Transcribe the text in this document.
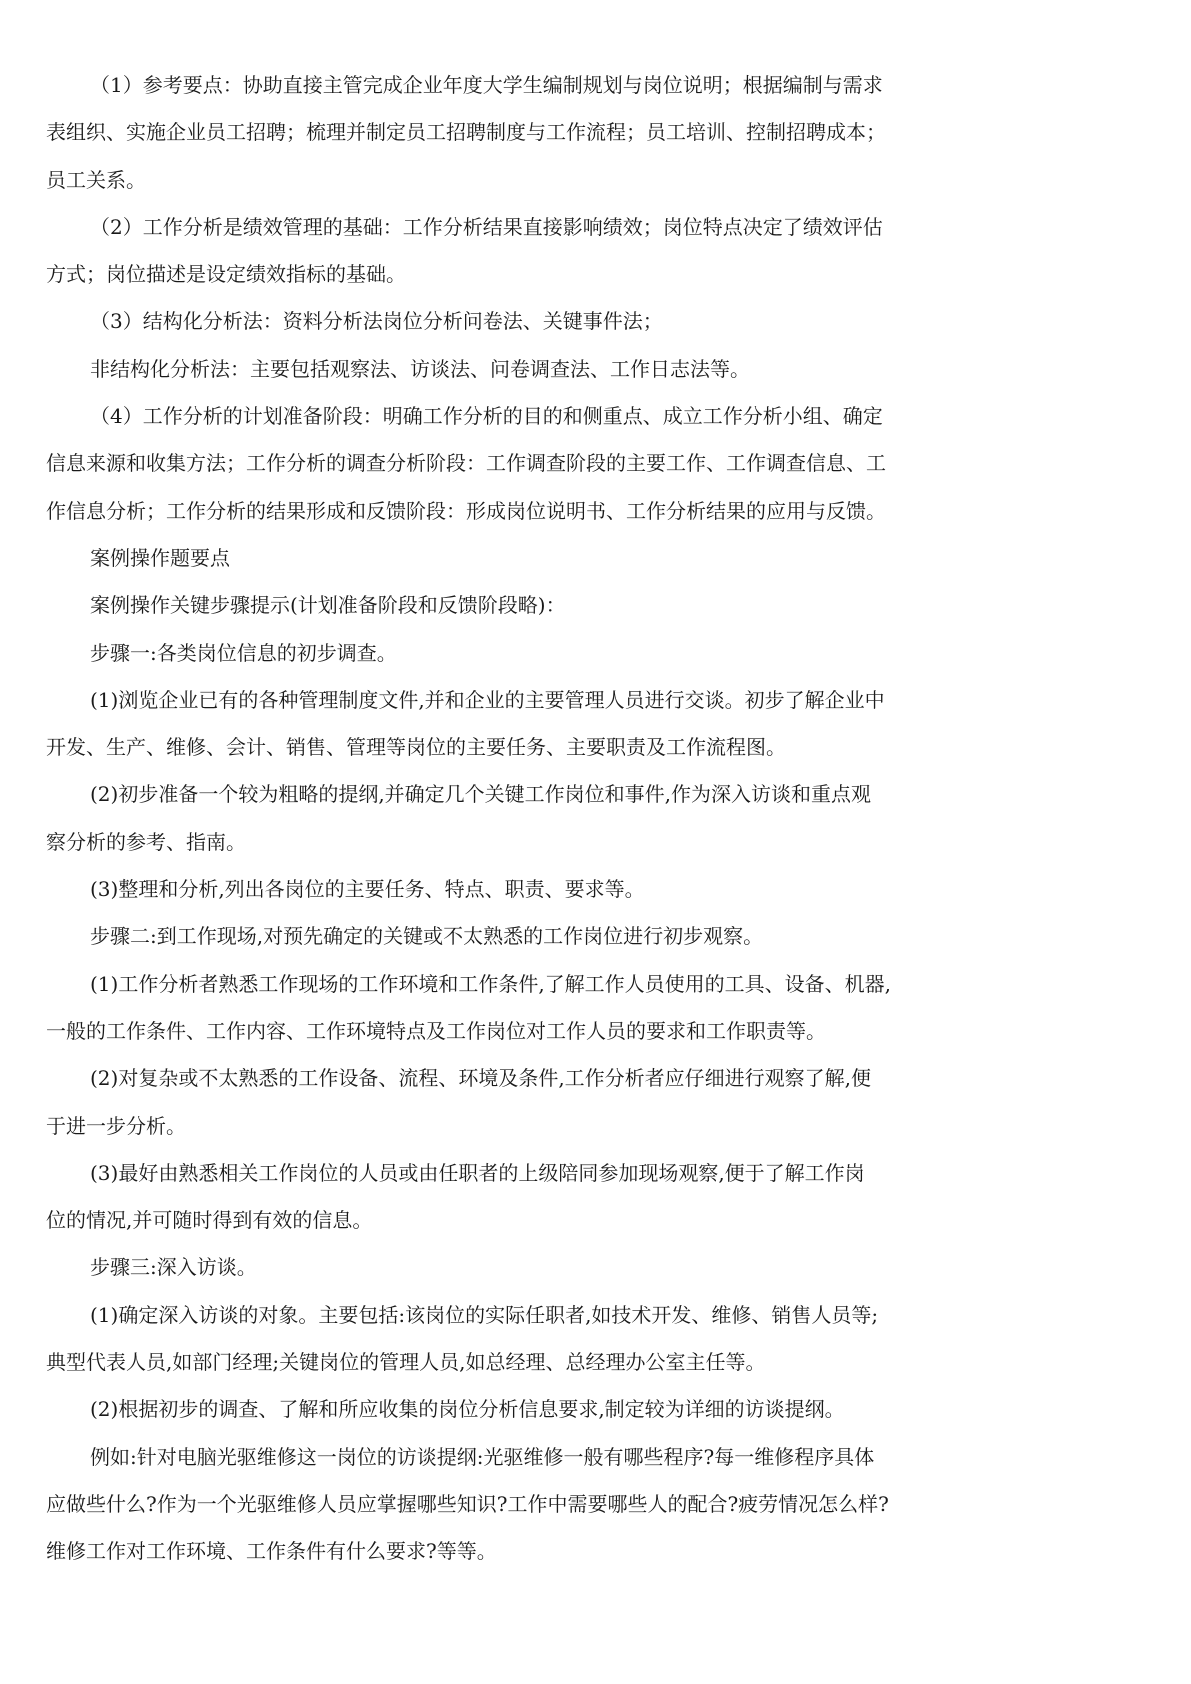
（1）参考要点：协助直接主管完成企业年度大学生编制规划与岗位说明；根据编制与需求
表组织、实施企业员工招聘；梳理并制定员工招聘制度与工作流程；员工培训、控制招聘成本；
员工关系。

（2）工作分析是绩效管理的基础：工作分析结果直接影响绩效；岗位特点决定了绩效评估
方式；岗位描述是设定绩效指标的基础。

（3）结构化分析法：资料分析法岗位分析问卷法、关键事件法；

非结构化分析法：主要包括观察法、访谈法、问卷调查法、工作日志法等。

（4）工作分析的计划准备阶段：明确工作分析的目的和侧重点、成立工作分析小组、确定
信息来源和收集方法；工作分析的调查分析阶段：工作调查阶段的主要工作、工作调查信息、工
作信息分析；工作分析的结果形成和反馈阶段：形成岗位说明书、工作分析结果的应用与反馈。

案例操作题要点

案例操作关键步骤提示(计划准备阶段和反馈阶段略)：

步骤一:各类岗位信息的初步调查。

(1)浏览企业已有的各种管理制度文件,并和企业的主要管理人员进行交谈。初步了解企业中
开发、生产、维修、会计、销售、管理等岗位的主要任务、主要职责及工作流程图。

(2)初步准备一个较为粗略的提纲,并确定几个关键工作岗位和事件,作为深入访谈和重点观
察分析的参考、指南。

(3)整理和分析,列出各岗位的主要任务、特点、职责、要求等。

步骤二:到工作现场,对预先确定的关键或不太熟悉的工作岗位进行初步观察。

(1)工作分析者熟悉工作现场的工作环境和工作条件,了解工作人员使用的工具、设备、机器,
一般的工作条件、工作内容、工作环境特点及工作岗位对工作人员的要求和工作职责等。

(2)对复杂或不太熟悉的工作设备、流程、环境及条件,工作分析者应仔细进行观察了解,便
于进一步分析。

(3)最好由熟悉相关工作岗位的人员或由任职者的上级陪同参加现场观察,便于了解工作岗
位的情况,并可随时得到有效的信息。

步骤三:深入访谈。

(1)确定深入访谈的对象。主要包括:该岗位的实际任职者,如技术开发、维修、销售人员等;
典型代表人员,如部门经理;关键岗位的管理人员,如总经理、总经理办公室主任等。

(2)根据初步的调查、了解和所应收集的岗位分析信息要求,制定较为详细的访谈提纲。

例如:针对电脑光驱维修这一岗位的访谈提纲:光驱维修一般有哪些程序?每一维修程序具体
应做些什么?作为一个光驱维修人员应掌握哪些知识?工作中需要哪些人的配合?疲劳情况怎么样?
维修工作对工作环境、工作条件有什么要求?等等。
